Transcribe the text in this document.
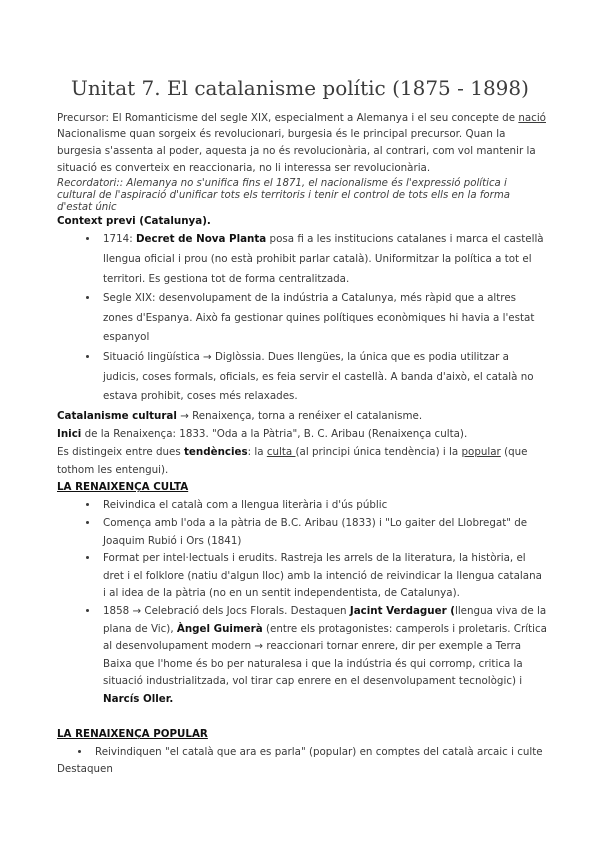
Unitat 7. El catalanisme polític (1875 - 1898)

Precursor: El Romanticisme del segle XIX, especialment a Alemanya i el seu concepte de nació

Nacionalisme quan sorgeix és revolucionari, burgesia és le principal precursor. Quan la burgesia s'assenta al poder, aquesta ja no és revolucionària, al contrari, com vol mantenir la situació es converteix en reaccionaria, no li interessa ser revolucionària.

Recordatori:: Alemanya no s'unifica fins el 1871, el nacionalisme és l'expressió política i cultural de l'aspiració d'unificar tots els territoris i tenir el control de tots ells en la forma d'estat únic

Context previ (Catalunya).

• 1714: Decret de Nova Planta posa fi a les institucions catalanes i marca el castellà llengua oficial i prou (no està prohibit parlar català). Uniformitzar la política a tot el territori. Es gestiona tot de forma centralitzada.
• Segle XIX: desenvolupament de la indústria a Catalunya, més ràpid que a altres zones d'Espanya. Això fa gestionar quines polítiques econòmiques hi havia a l'estat espanyol
• Situació lingüística → Diglòssia. Dues llengües, la única que es podia utilitzar a judicis, coses formals, oficials, es feia servir el castellà. A banda d'això, el català no estava prohibit, coses més relaxades.

Catalanisme cultural → Renaixença, torna a renéixer el catalanisme.

Inici de la Renaixença: 1833. "Oda a la Pàtria", B. C. Aribau (Renaixença culta).

Es distingeix entre dues tendències: la culta (al principi única tendència) i la popular (que tothom les entengui).

LA RENAIXENÇA CULTA
• Reivindica el català com a llengua literària i d'ús públic
• Comença amb l'oda a la pàtria de B.C. Aribau (1833) i "Lo gaiter del Llobregat" de Joaquim Rubió i Ors (1841)
• Format per intel·lectuals i erudits. Rastreja les arrels de la literatura, la història, el dret i el folklore (natiu d'algun lloc) amb la intenció de reivindicar la llengua catalana i al idea de la pàtria (no en un sentit independentista, de Catalunya).
• 1858 → Celebració dels Jocs Florals. Destaquen Jacint Verdaguer (llengua viva de la plana de Vic), Àngel Guimerà (entre els protagonistes: camperols i proletaris. Crítica al desenvolupament modern → reaccionari tornar enrere, dir per exemple a Terra Baixa que l'home és bo per naturalesa i que la indústria és qui corromp, critica la situació industrialitzada, vol tirar cap enrere en el desenvolupament tecnològic) i Narcís Oller.
LA RENAIXENÇA POPULAR
• Reivindiquen "el català que ara es parla" (popular) en comptes del català arcaic i culte

Destaquen
